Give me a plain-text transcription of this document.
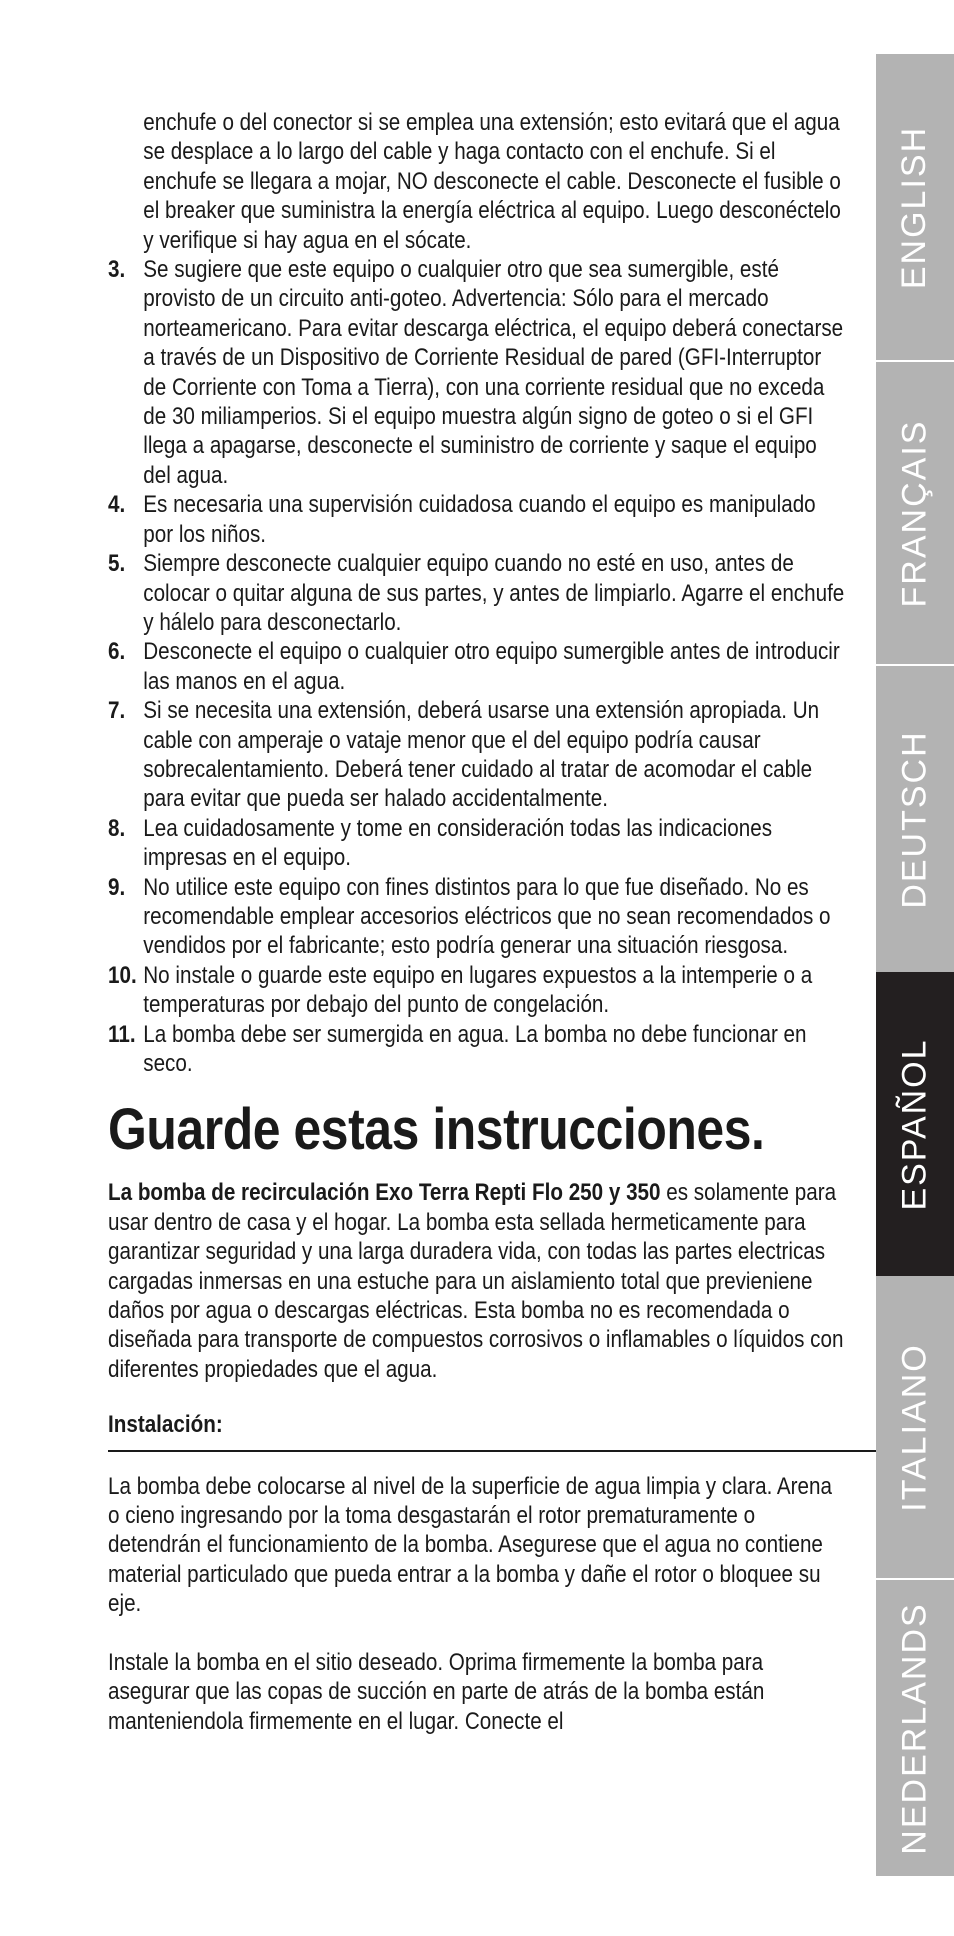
enchufe o del conector si se emplea una extensión; esto evitará que el agua se desplace a lo largo del cable y haga contacto con el enchufe. Si el enchufe se llegara a mojar, NO desconecte el cable. Desconecte el fusible o el breaker que suministra la energía eléctrica al equipo. Luego desconéctelo y verifique si hay agua en el sócate.
3. Se sugiere que este equipo o cualquier otro que sea sumergible, esté provisto de un circuito anti-goteo. Advertencia: Sólo para el mercado norteamericano. Para evitar descarga eléctrica, el equipo deberá conectarse a través de un Dispositivo de Corriente Residual de pared (GFI-Interruptor de Corriente con Toma a Tierra), con una corriente residual que no exceda de 30 miliamperios. Si el equipo muestra algún signo de goteo o si el GFI llega a apagarse, desconecte el suministro de corriente y saque el equipo del agua.
4. Es necesaria una supervisión cuidadosa cuando el equipo es manipulado por los niños.
5. Siempre desconecte cualquier equipo cuando no esté en uso, antes de colocar o quitar alguna de sus partes, y antes de limpiarlo. Agarre el enchufe y hálelo para desconectarlo.
6. Desconecte el equipo o cualquier otro equipo sumergible antes de introducir las manos en el agua.
7. Si se necesita una extensión, deberá usarse una extensión apropiada. Un cable con amperaje o vataje menor que el del equipo podría causar sobrecalentamiento. Deberá tener cuidado al tratar de acomodar el cable para evitar que pueda ser halado accidentalmente.
8. Lea cuidadosamente y tome en consideración todas las indicaciones impresas en el equipo.
9. No utilice este equipo con fines distintos para lo que fue diseñado. No es recomendable emplear accesorios eléctricos que no sean recomendados o vendidos por el fabricante; esto podría generar una situación riesgosa.
10. No instale o guarde este equipo en lugares expuestos a la intemperie o a temperaturas por debajo del punto de congelación.
11. La bomba debe ser sumergida en agua. La bomba no debe funcionar en seco.
Guarde estas instrucciones.

La bomba de recirculación Exo Terra Repti Flo 250 y 350 es solamente para usar dentro de casa y el hogar. La bomba esta sellada hermeticamente para garantizar seguridad y una larga duradera vida, con todas las partes electricas cargadas inmersas en una estuche para un aislamiento total que previeniene daños por agua o descargas eléctricas. Esta bomba no es recomendada o diseñada para transporte de compuestos corrosivos o inflamables o líquidos con diferentes propiedades que el agua.

Instalación:

La bomba debe colocarse al nivel de la superficie de agua limpia y clara. Arena o cieno ingresando por la toma desgastarán el rotor prematuramente o detendrán el funcionamiento de la bomba. Asegurese que el agua no contiene material particulado que pueda entrar a la bomba y dañe el rotor o bloquee su eje.

Instale la bomba en el sitio deseado. Oprima firmemente la bomba para asegurar que las copas de succión en parte de atrás de la bomba están manteniendola firmemente en el lugar. Conecte el

ENGLISH
FRANÇAIS
DEUTSCH
ESPAÑOL
ITALIANO
NEDERLANDS
